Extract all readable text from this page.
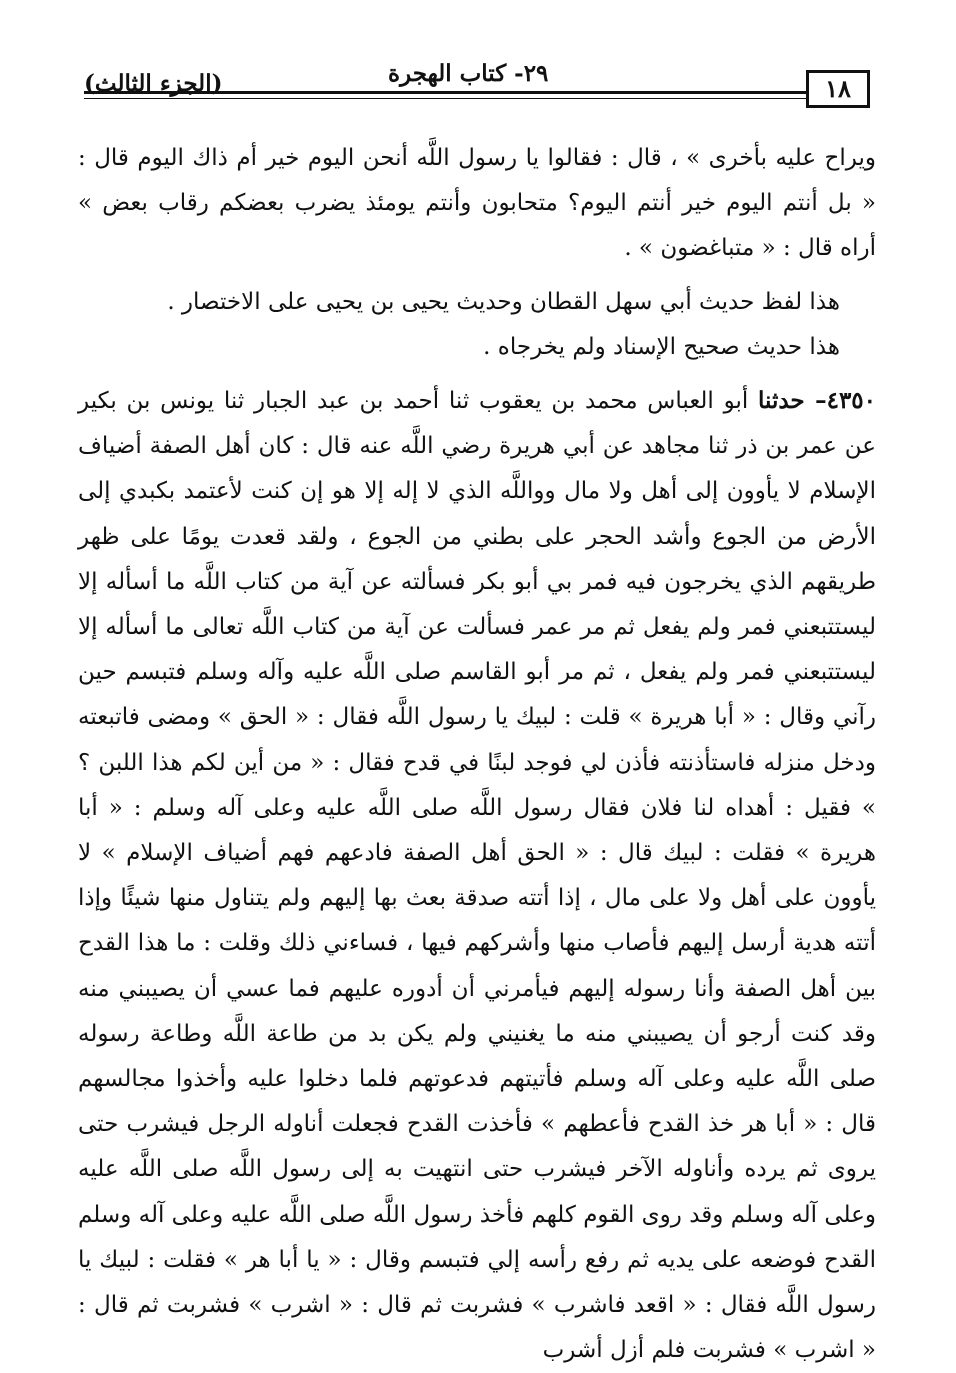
(الجزء الثالث)	٢٩- كتاب الهجرة
١٨

ويراح عليه بأخرى » ، قال : فقالوا يا رسول اللَّه أنحن اليوم خير أم ذاك اليوم قال : « بل أنتم اليوم خير أنتم اليوم؟ متحابون وأنتم يومئذ يضرب بعضكم رقاب بعض » أراه قال : « متباغضون » .

هذا لفظ حديث أبي سهل القطان وحديث يحيى بن يحيى على الاختصار .

هذا حديث صحيح الإسناد ولم يخرجاه .

٤٣٥٠– حدثنا أبو العباس محمد بن يعقوب ثنا أحمد بن عبد الجبار ثنا يونس بن بكير عن عمر بن ذر ثنا مجاهد عن أبي هريرة رضي اللَّه عنه قال : كان أهل الصفة أضياف الإسلام لا يأوون إلى أهل ولا مال وواللَّه الذي لا إله إلا هو إن كنت لأعتمد بكبدي إلى الأرض من الجوع وأشد الحجر على بطني من الجوع ، ولقد قعدت يومًا على ظهر طريقهم الذي يخرجون فيه فمر بي أبو بكر فسألته عن آية من كتاب اللَّه ما أسأله إلا ليستتبعني فمر ولم يفعل ثم مر عمر فسألت عن آية من كتاب اللَّه تعالى ما أسأله إلا ليستتبعني فمر ولم يفعل ، ثم مر أبو القاسم صلى اللَّه عليه وآله وسلم فتبسم حين رآني وقال : « أبا هريرة » قلت : لبيك يا رسول اللَّه فقال : « الحق » ومضى فاتبعته ودخل منزله فاستأذنته فأذن لي فوجد لبنًا في قدح فقال : « من أين لكم هذا اللبن ؟ » فقيل : أهداه لنا فلان فقال رسول اللَّه صلى اللَّه عليه وعلى آله وسلم : « أبا هريرة » فقلت : لبيك قال : « الحق أهل الصفة فادعهم فهم أضياف الإسلام » لا يأوون على أهل ولا على مال ، إذا أتته صدقة بعث بها إليهم ولم يتناول منها شيئًا وإذا أتته هدية أرسل إليهم فأصاب منها وأشركهم فيها ، فساءني ذلك وقلت : ما هذا القدح بين أهل الصفة وأنا رسوله إليهم فيأمرني أن أدوره عليهم فما عسي أن يصيبني منه وقد كنت أرجو أن يصيبني منه ما يغنيني ولم يكن بد من طاعة اللَّه وطاعة رسوله صلى اللَّه عليه وعلى آله وسلم فأتيتهم فدعوتهم فلما دخلوا عليه وأخذوا مجالسهم قال : « أبا هر خذ القدح فأعطهم » فأخذت القدح فجعلت أناوله الرجل فيشرب حتى يروى ثم يرده وأناوله الآخر فيشرب حتى انتهيت به إلى رسول اللَّه صلى اللَّه عليه وعلى آله وسلم وقد روى القوم كلهم فأخذ رسول اللَّه صلى اللَّه عليه وعلى آله وسلم القدح فوضعه على يديه ثم رفع رأسه إلي فتبسم وقال : « يا أبا هر » فقلت : لبيك يا رسول اللَّه فقال : « اقعد فاشرب » فشربت ثم قال : « اشرب » فشربت ثم قال : « اشرب » فشربت فلم أزل أشرب
